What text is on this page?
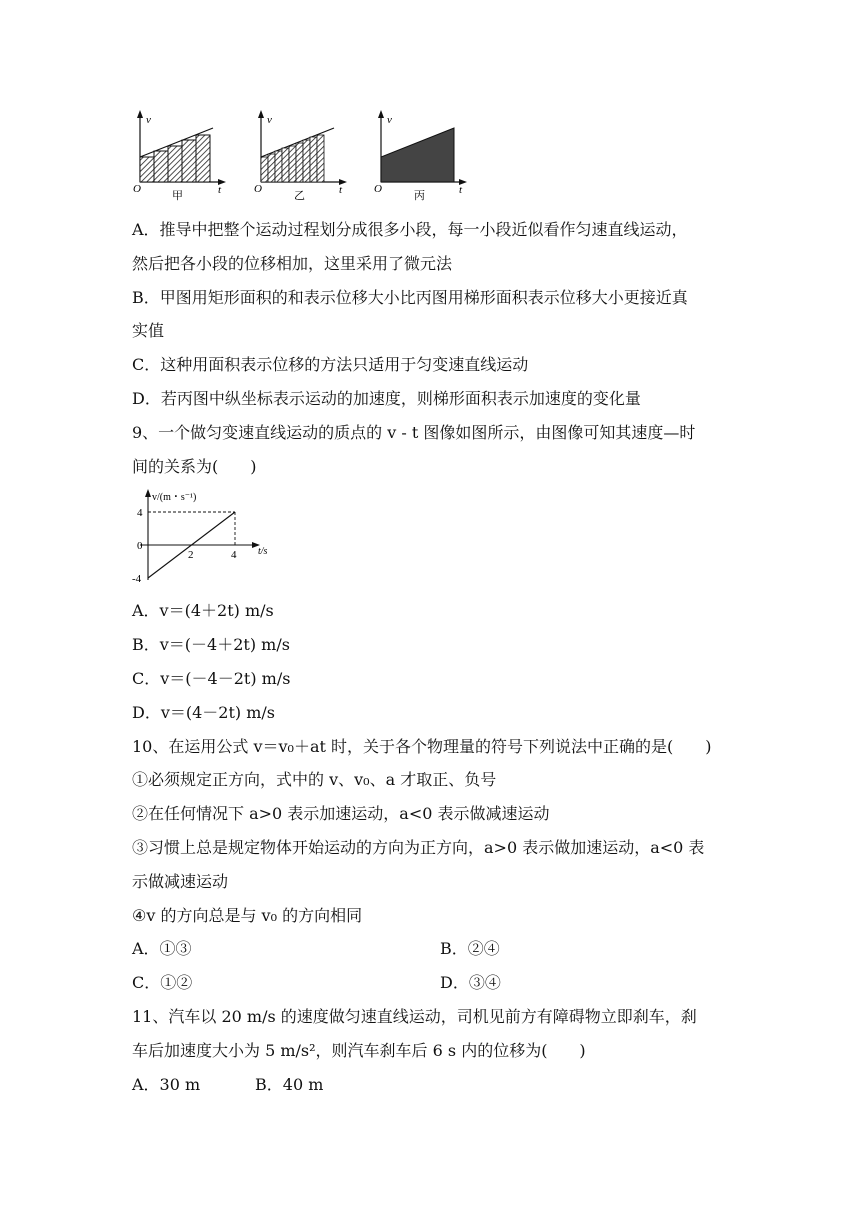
v
t
O
甲
v
t
O
乙
v
t
O
丙
A．推导中把整个运动过程划分成很多小段，每一小段近似看作匀速直线运动，
然后把各小段的位移相加，这里采用了微元法
B．甲图用矩形面积的和表示位移大小比丙图用梯形面积表示位移大小更接近真
实值
C．这种用面积表示位移的方法只适用于匀变速直线运动
D．若丙图中纵坐标表示运动的加速度，则梯形面积表示加速度的变化量
9、一个做匀变速直线运动的质点的 v - t 图像如图所示，由图像可知其速度—时
间的关系为(　　)
v/(m・s⁻¹)
t/s
4
0
-4
2	4
A．v＝(4＋2t) m/s
B．v＝(－4＋2t) m/s
C．v＝(－4－2t) m/s
D．v＝(4－2t) m/s
10、在运用公式 v＝v₀＋at 时，关于各个物理量的符号下列说法中正确的是(　　)
①必须规定正方向，式中的 v、v₀、a 才取正、负号
②在任何情况下 a>0 表示加速运动，a<0 表示做减速运动
③习惯上总是规定物体开始运动的方向为正方向，a>0 表示做加速运动，a<0 表
示做减速运动
④v 的方向总是与 v₀ 的方向相同
A．①③	B．②④
C．①②	D．③④
11、汽车以 20 m/s 的速度做匀速直线运动，司机见前方有障碍物立即刹车，刹
车后加速度大小为 5 m/s²，则汽车刹车后 6 s 内的位移为(　　)
A．30 m	B．40 m
